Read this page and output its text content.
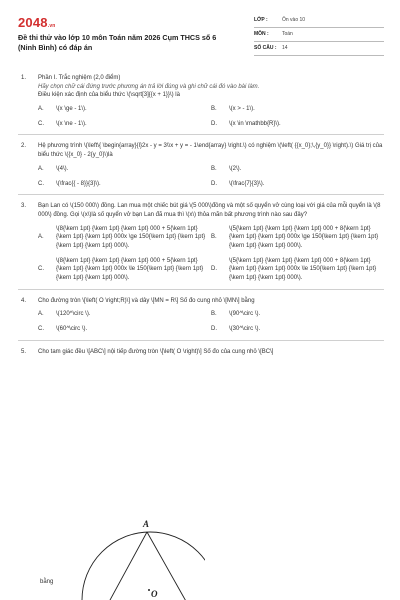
2048.vn
Đề thi thử vào lớp 10 môn Toán năm 2026 Cụm THCS số 6 (Ninh Bình) có đáp án
LỚP :	Ôn vào 10
MÔN :	Toán
SỐ CÂU :	14
1. Phần I. Trắc nghiệm (2,0 điểm)
Hãy chọn chữ cái đứng trước phương án trả lời đúng và ghi chữ cái đó vào bài làm.
Điều kiện xác định của biểu thức \(\sqrt[3]{{x + 1}}\) là
A.	\(x \ge - 1\).	B.	\(x > - 1\).
C.	\(x \ne - 1\).	D.	\(x \in \mathbb{R}\).
2. Hệ phương trình \(\left\{ \begin{array}{l}2x - y = 3\\x + y = - 1\end{array} \right.\) có nghiệm \(\left( {{x_0};\,{y_0}} \right).\) Giá trị của biểu thức \({x_0} - 2{y_0}\)là
A.	\(4\).	B.	\(2\).
C.	\(\frac{{ - 8}}{3}\).	D.	\(\frac{7}{3}\).
3. Bạn Lan có \(150 000\) đồng. Lan mua một chiếc bút giá \(5 000\)đồng và một số quyển vở cùng loại với giá của mỗi quyển là \(8 000\) đồng. Gọi \(x\)là số quyển vở bạn Lan đã mua thì \(x\) thỏa mãn bất phương trình nào sau đây?
A.
\(8{\kern 1pt} {\kern 1pt} {\kern 1pt} 000 + 5{\kern 1pt} {\kern 1pt} {\kern 1pt} 000x \ge 150{\kern 1pt} {\kern 1pt} {\kern 1pt} {\kern 1pt} 000\).
B.
\(5{\kern 1pt} {\kern 1pt} {\kern 1pt} 000 + 8{\kern 1pt} {\kern 1pt} {\kern 1pt} 000x \ge 150{\kern 1pt} {\kern 1pt} {\kern 1pt} {\kern 1pt} 000\).
C.
\(8{\kern 1pt} {\kern 1pt} {\kern 1pt} 000 + 5{\kern 1pt} {\kern 1pt} {\kern 1pt} 000x \le 150{\kern 1pt} {\kern 1pt} {\kern 1pt} {\kern 1pt} 000\).
D.
\(5{\kern 1pt} {\kern 1pt} {\kern 1pt} 000 + 8{\kern 1pt} {\kern 1pt} {\kern 1pt} 000x \le 150{\kern 1pt} {\kern 1pt} {\kern 1pt} {\kern 1pt} 000\).
4. Cho đường tròn \[\left( O \right;R)\] và dây \[MN = R\] Số đo cung nhỏ \[MN\] bằng
A.	\(120^\circ \).	B.	\(90^\circ \).
C.	\(60^\circ \).	D.	\(30^\circ \).
5. Cho tam giác đều \[ABC\] nội tiếp đường tròn \[\left( O \right)\] Số đo của cung nhỏ \[BC\]
A
O
bằng
